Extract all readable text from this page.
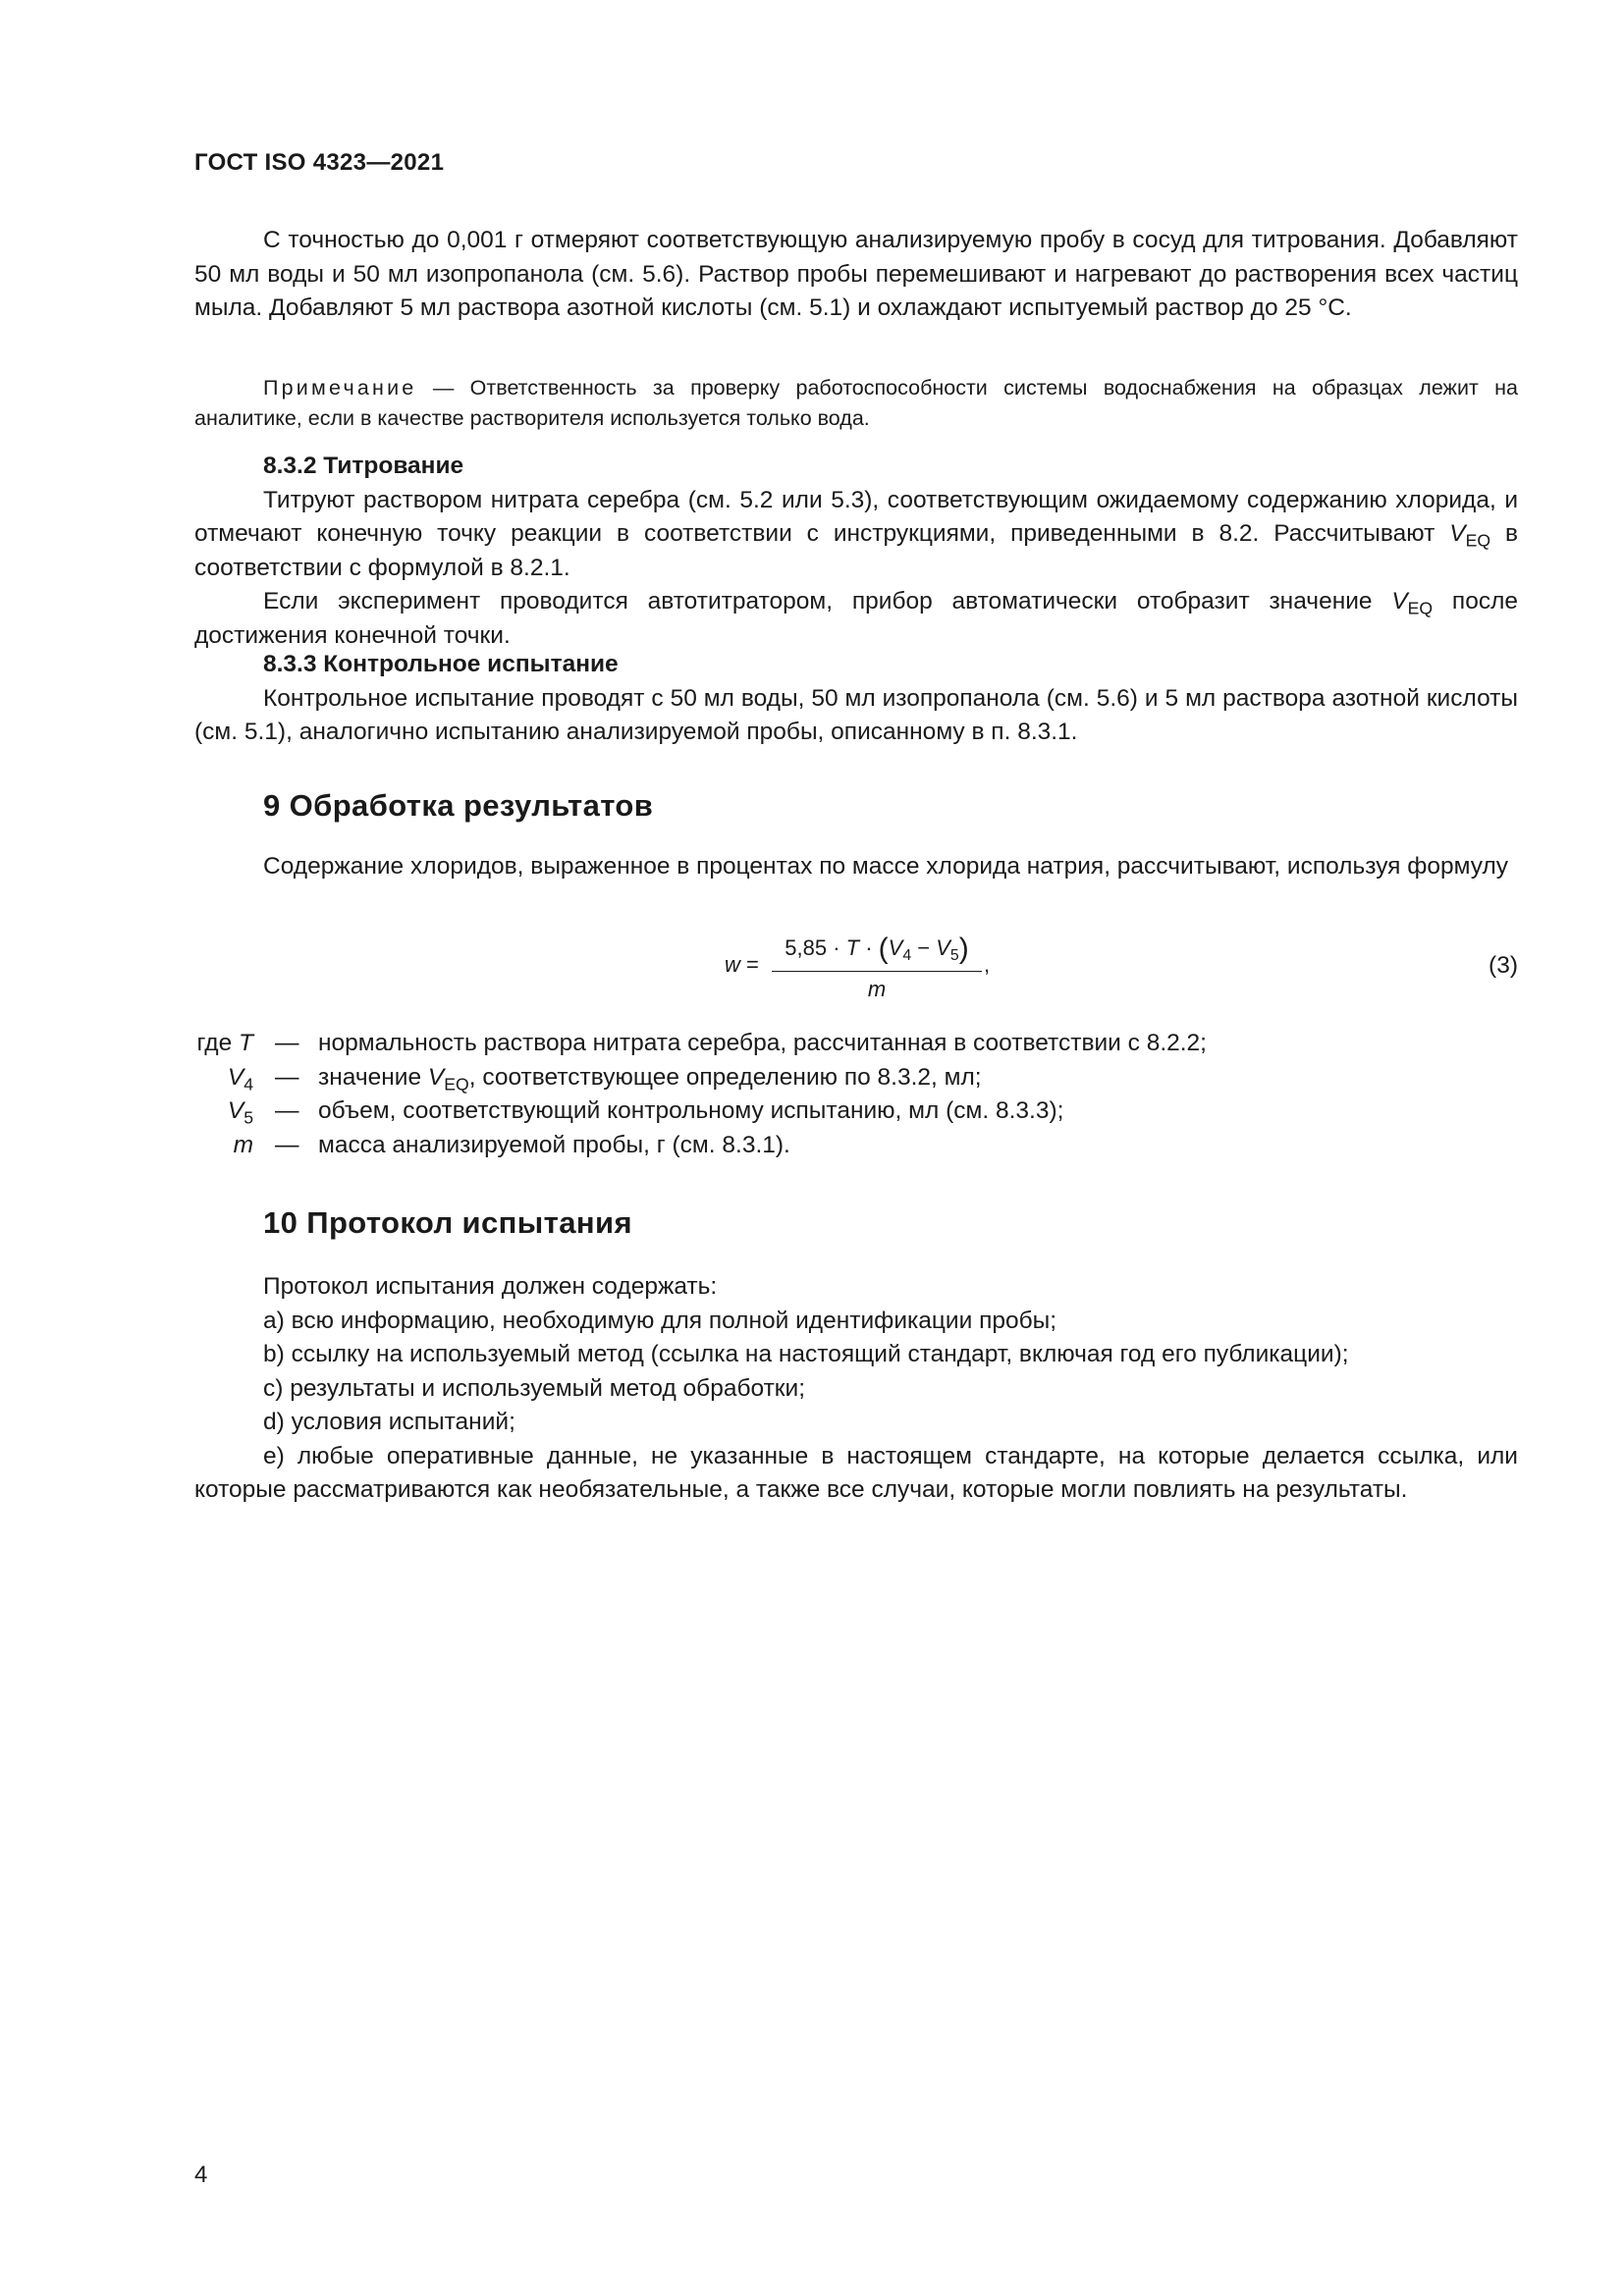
ГОСТ ISO 4323—2021

С точностью до 0,001 г отмеряют соответствующую анализируемую пробу в сосуд для титрования. Добавляют 50 мл воды и 50 мл изопропанола (см. 5.6). Раствор пробы перемешивают и нагревают до растворения всех частиц мыла. Добавляют 5 мл раствора азотной кислоты (см. 5.1) и охлаждают испытуемый раствор до 25 °С.

Примечание — Ответственность за проверку работоспособности системы водоснабжения на образцах лежит на аналитике, если в качестве растворителя используется только вода.

8.3.2 Титрование

Титруют раствором нитрата серебра (см. 5.2 или 5.3), соответствующим ожидаемому содержанию хлорида, и отмечают конечную точку реакции в соответствии с инструкциями, приведенными в 8.2. Рассчитывают $V_{EQ}$ в соответствии с формулой в 8.2.1.

Если эксперимент проводится автотитратором, прибор автоматически отобразит значение $V_{EQ}$ после достижения конечной точки.

8.3.3 Контрольное испытание

Контрольное испытание проводят с 50 мл воды, 50 мл изопропанола (см. 5.6) и 5 мл раствора азотной кислоты (см. 5.1), аналогично испытанию анализируемой пробы, описанному в п. 8.3.1.

9 Обработка результатов

Содержание хлоридов, выраженное в процентах по массе хлорида натрия, рассчитывают, используя формулу

$w = \frac{5,85 \cdot T \cdot (V_4 - V_5)}{m}$ ,	(3)
где T — нормальность раствора нитрата серебра, рассчитанная в соответствии с 8.2.2;
$V_4$ — значение $V_{EQ}$, соответствующее определению по 8.3.2, мл;
$V_5$ — объем, соответствующий контрольному испытанию, мл (см. 8.3.3);
m — масса анализируемой пробы, г (см. 8.3.1).

10 Протокол испытания

Протокол испытания должен содержать:

a) всю информацию, необходимую для полной идентификации пробы;

b) ссылку на используемый метод (ссылка на настоящий стандарт, включая год его публикации);

c) результаты и используемый метод обработки;

d) условия испытаний;

e) любые оперативные данные, не указанные в настоящем стандарте, на которые делается ссылка, или которые рассматриваются как необязательные, а также все случаи, которые могли повлиять на результаты.

4
